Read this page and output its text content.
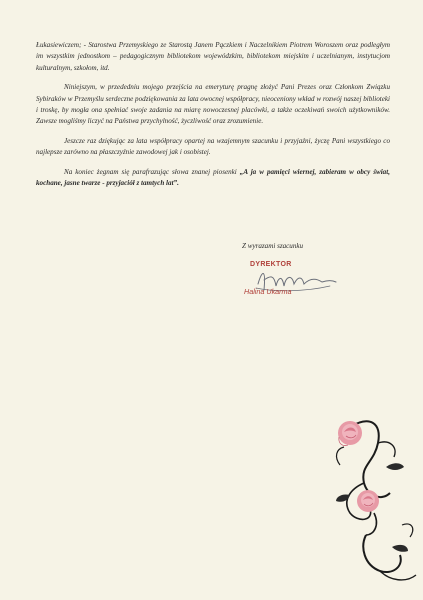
Łukasiewiczem; - Starostwa Przemyskiego ze Starostą Janem Pączkiem i Naczelnikiem Piotrem Woroszem oraz podległym im wszystkim jednostkom – pedagogicznym bibliotekom wojewódzkim, bibliotekom miejskim i uczelnianym, instytucjom kulturalnym, szkołom, itd.

Niniejszym, w przededniu mojego przejścia na emeryturę pragnę złożyć Pani Prezes oraz Członkom Związku Sybiraków w Przemyślu serdeczne podziękowania za lata owocnej współpracy, nieoceniony wkład w rozwój naszej biblioteki i troskę, by mogła ona spełniać swoje zadania na miarę nowoczesnej placówki, a także oczekiwań swoich użytkowników. Zawsze mogliśmy liczyć na Państwa przychylność, życzliwość oraz zrozumienie.

Jeszcze raz dziękując za lata współpracy opartej na wzajemnym szacunku i przyjaźni, życzę Pani wszystkiego co najlepsze zarówno na płaszczyźnie zawodowej jak i osobistej.

Na koniec żegnam się parafrazując słowa znanej piosenki „A ja w pamięci wiernej, zabieram w obcy świat, kochane, jasne twarze - przyjaciół z tamtych lat”.

Z wyrazami szacunku
DYREKTOR
Halina Ukarma
